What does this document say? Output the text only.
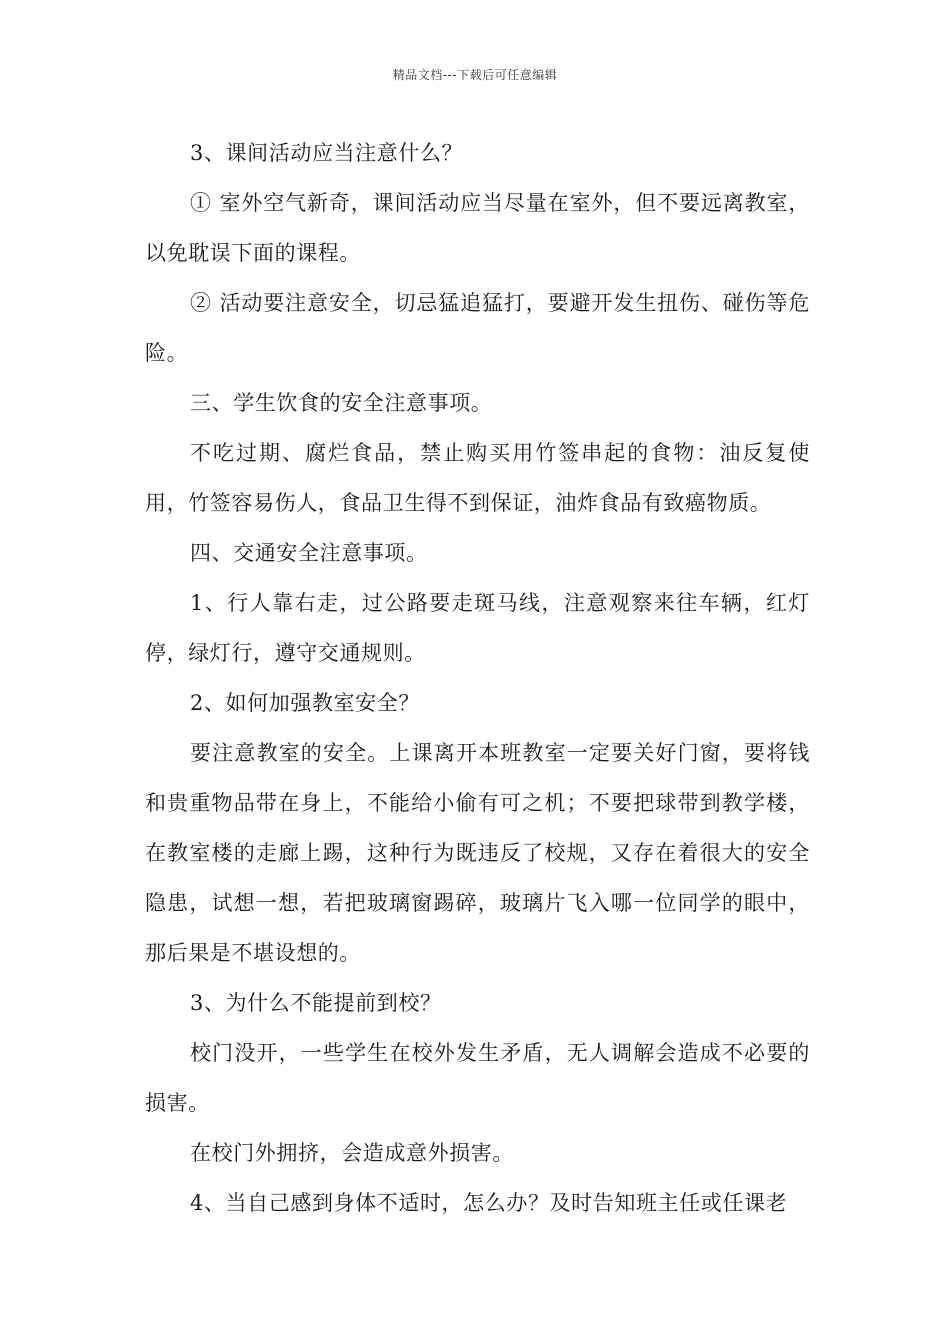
精品文档---下载后可任意编辑

3、课间活动应当注意什么？

① 室外空气新奇，课间活动应当尽量在室外，但不要远离教室，以免耽误下面的课程。

② 活动要注意安全，切忌猛追猛打，要避开发生扭伤、碰伤等危险。

三、学生饮食的安全注意事项。

不吃过期、腐烂食品，禁止购买用竹签串起的食物：油反复使用，竹签容易伤人，食品卫生得不到保证，油炸食品有致癌物质。

四、交通安全注意事项。

1、行人靠右走，过公路要走斑马线，注意观察来往车辆，红灯停，绿灯行，遵守交通规则。

2、如何加强教室安全？

要注意教室的安全。上课离开本班教室一定要关好门窗，要将钱和贵重物品带在身上，不能给小偷有可之机；不要把球带到教学楼，在教室楼的走廊上踢，这种行为既违反了校规，又存在着很大的安全隐患，试想一想，若把玻璃窗踢碎，玻璃片飞入哪一位同学的眼中，那后果是不堪设想的。

3、为什么不能提前到校？

校门没开，一些学生在校外发生矛盾，无人调解会造成不必要的损害。

在校门外拥挤，会造成意外损害。

4、当自己感到身体不适时，怎么办？及时告知班主任或任课老
